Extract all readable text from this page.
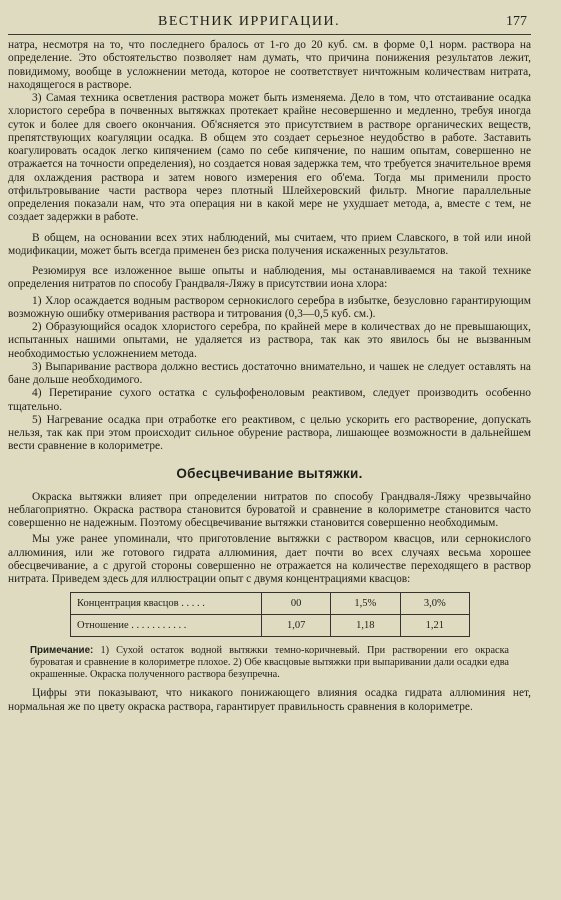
ВЕСТНИК ИРРИГАЦИИ.	177

натра, несмотря на то, что последнего бралось от 1-го до 20 куб. см. в форме 0,1 норм. раствора на определение. Это обстоятельство позволяет нам думать, что причина понижения результатов лежит, повидимому, вообще в усложнении метода, которое не соответствует ничтожным количествам нитрата, находящегося в растворе.

3) Самая техника осветления раствора может быть изменяема. Дело в том, что отстаивание осадка хлористого серебра в почвенных вытяжках протекает крайне несовершенно и медленно, требуя иногда суток и более для своего окончания. Об'ясняется это присутствием в растворе органических веществ, препятствующих коагуляции осадка. В общем это создает серьезное неудобство в работе. Заставить коагулировать осадок легко кипячением (само по себе кипячение, по нашим опытам, совершенно не отражается на точности определения), но создается новая задержка тем, что требуется значительное время для охлаждения раствора и затем нового измерения его об'ема. Тогда мы применили просто отфильтровывание части раствора через плотный Шлейхеровский фильтр. Многие параллельные определения показали нам, что эта операция ни в какой мере не ухудшает метода, а, вместе с тем, не создает задержки в работе.

В общем, на основании всех этих наблюдений, мы считаем, что прием Славского, в той или иной модификации, может быть всегда применен без риска получения искаженных результатов.

Резюмируя все изложенное выше опыты и наблюдения, мы останавливаемся на такой технике определения нитратов по способу Грандваля-Ляжу в присутствии иона хлора:

1) Хлор осаждается водным раствором сернокислого серебра в избытке, безусловно гарантирующим возможную ошибку отмеривания раствора и титрования (0,3—0,5 куб. см.).

2) Образующийся осадок хлористого серебра, по крайней мере в количествах до не превышающих, испытанных нашими опытами, не удаляется из раствора, так как это явилось бы не вызванным необходимостью усложнением метода.

3) Выпаривание раствора должно вестись достаточно внимательно, и чашек не следует оставлять на бане дольше необходимого.

4) Перетирание сухого остатка с сульфофеноловым реактивом, следует производить особенно тщательно.

5) Нагревание осадка при отработке его реактивом, с целью ускорить его растворение, допускать нельзя, так как при этом происходит сильное обурение раствора, лишающее возможности в дальнейшем вести сравнение в колориметре.

Обесцвечивание вытяжки.

Окраска вытяжки влияет при определении нитратов по способу Грандваля-Ляжу чрезвычайно неблагоприятно. Окраска раствора становится буроватой и сравнение в колориметре становится часто совершенно не надежным. Поэтому обесцвечивание вытяжки становится совершенно необходимым.

Мы уже ранее упоминали, что приготовление вытяжки с раствором квасцов, или сернокислого аллюминия, или же готового гидрата аллюминия, дает почти во всех случаях весьма хорошее обесцвечивание, а с другой стороны совершенно не отражается на количестве переходящего в раствор нитрата. Приведем здесь для иллюстрации опыт с двумя концентрациями квасцов:

Концентрация квасцов . . . . .	00	1,5%	3,0%
Отношение . . . . . . . . . . .	1,07	1,18	1,21
Примечание: 1) Сухой остаток водной вытяжки темно-коричневый. При растворении его окраска буроватая и сравнение в колориметре плохое. 2) Обе квасцовые вытяжки при выпаривании дали осадки едва окрашенные. Окраска полученного раствора безупречна.

Цифры эти показывают, что никакого понижающего влияния осадка гидрата аллюминия нет, нормальная же по цвету окраска раствора, гарантирует правильность сравнения в колориметре.
